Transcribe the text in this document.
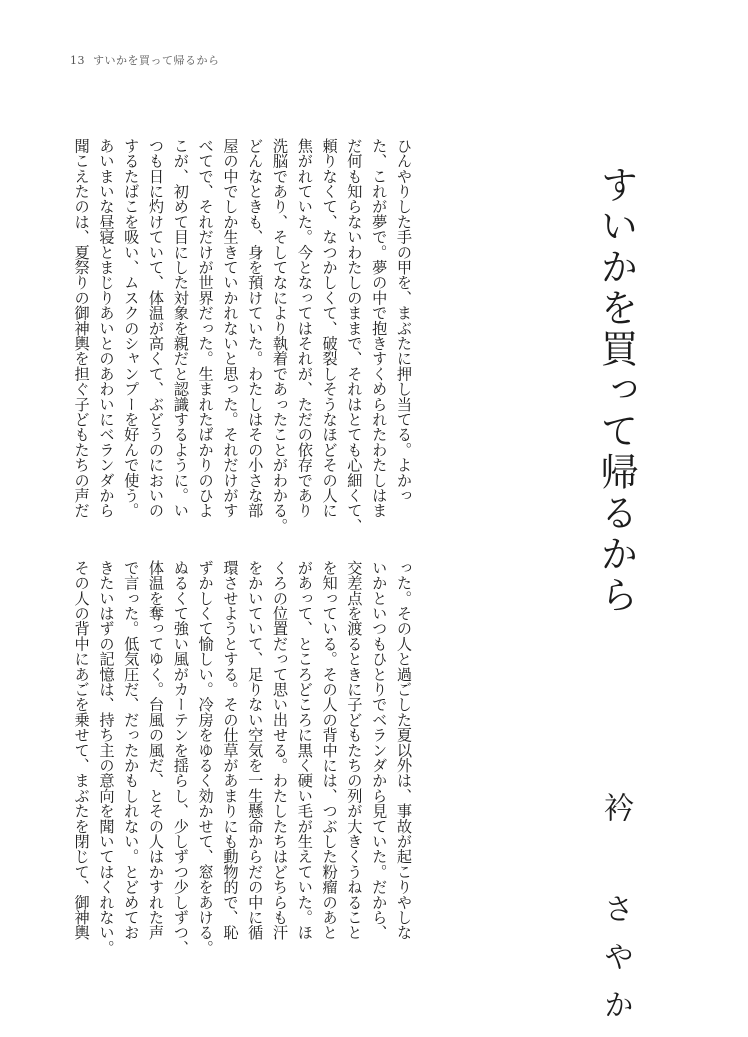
13 すいかを買って帰るから
すいかを買って帰るから
衿 さやか
ひんやりした手の甲を、まぶたに押し当てる。よかっ
た、これが夢で。夢の中で抱きすくめられたわたしはま
だ何も知らないわたしのままで、それはとても心細くて、
頼りなくて、なつかしくて、破裂しそうなほどその人に
焦がれていた。今となってはそれが、ただの依存であり
洗脳であり、そしてなにより執着であったことがわかる。
どんなときも、身を預けていた。わたしはその小さな部
屋の中でしか生きていかれないと思った。それだけがす
べてで、それだけが世界だった。生まれたばかりのひよ
こが、初めて目にした対象を親だと認識するように。い
つも日に灼けていて、体温が高くて、ぶどうのにおいの
するたばこを吸い、ムスクのシャンプーを好んで使う。
あいまいな昼寝とまじりあいとのあわいにベランダから
聞こえたのは、夏祭りの御神輿を担ぐ子どもたちの声だ
った。その人と過ごした夏以外は、事故が起こりやしな
いかといつもひとりでベランダから見ていた。だから、
交差点を渡るときに子どもたちの列が大きくうねること
を知っている。その人の背中には、つぶした粉瘤のあと
があって、ところどころに黒く硬い毛が生えていた。ほ
くろの位置だって思い出せる。わたしたちはどちらも汗
をかいていて、足りない空気を一生懸命からだの中に循
環させようとする。その仕草があまりにも動物的で、恥
ずかしくて愉しい。冷房をゆるく効かせて、窓をあける。
ぬるくて強い風がカーテンを揺らし、少しずつ少しずつ、
体温を奪ってゆく。台風の風だ、とその人はかすれた声
で言った。低気圧だ、だったかもしれない。とどめてお
きたいはずの記憶は、持ち主の意向を聞いてはくれない。
その人の背中にあごを乗せて、まぶたを閉じて、御神輿
